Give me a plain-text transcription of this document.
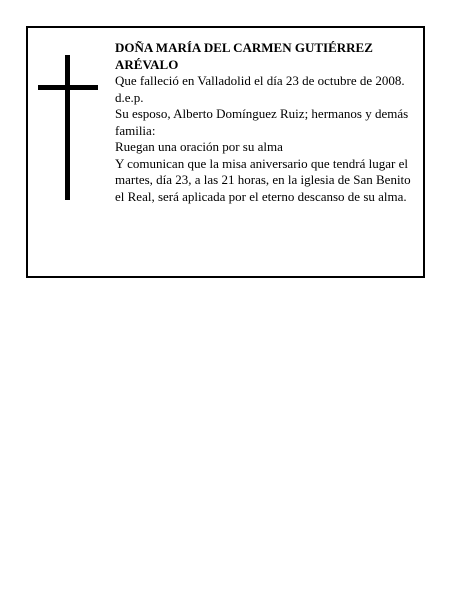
DOÑA MARÍA DEL CARMEN GUTIÉRREZ ARÉVALO

Que falleció en Valladolid el día 23 de octubre de 2008.

d.e.p.

Su esposo, Alberto Domínguez Ruiz; hermanos y demás familia:

Ruegan una oración por su alma

Y comunican que la misa aniversario que tendrá lugar el martes, día 23, a las 21 horas, en la iglesia de San Benito el Real, será aplicada por el eterno descanso de su alma.
